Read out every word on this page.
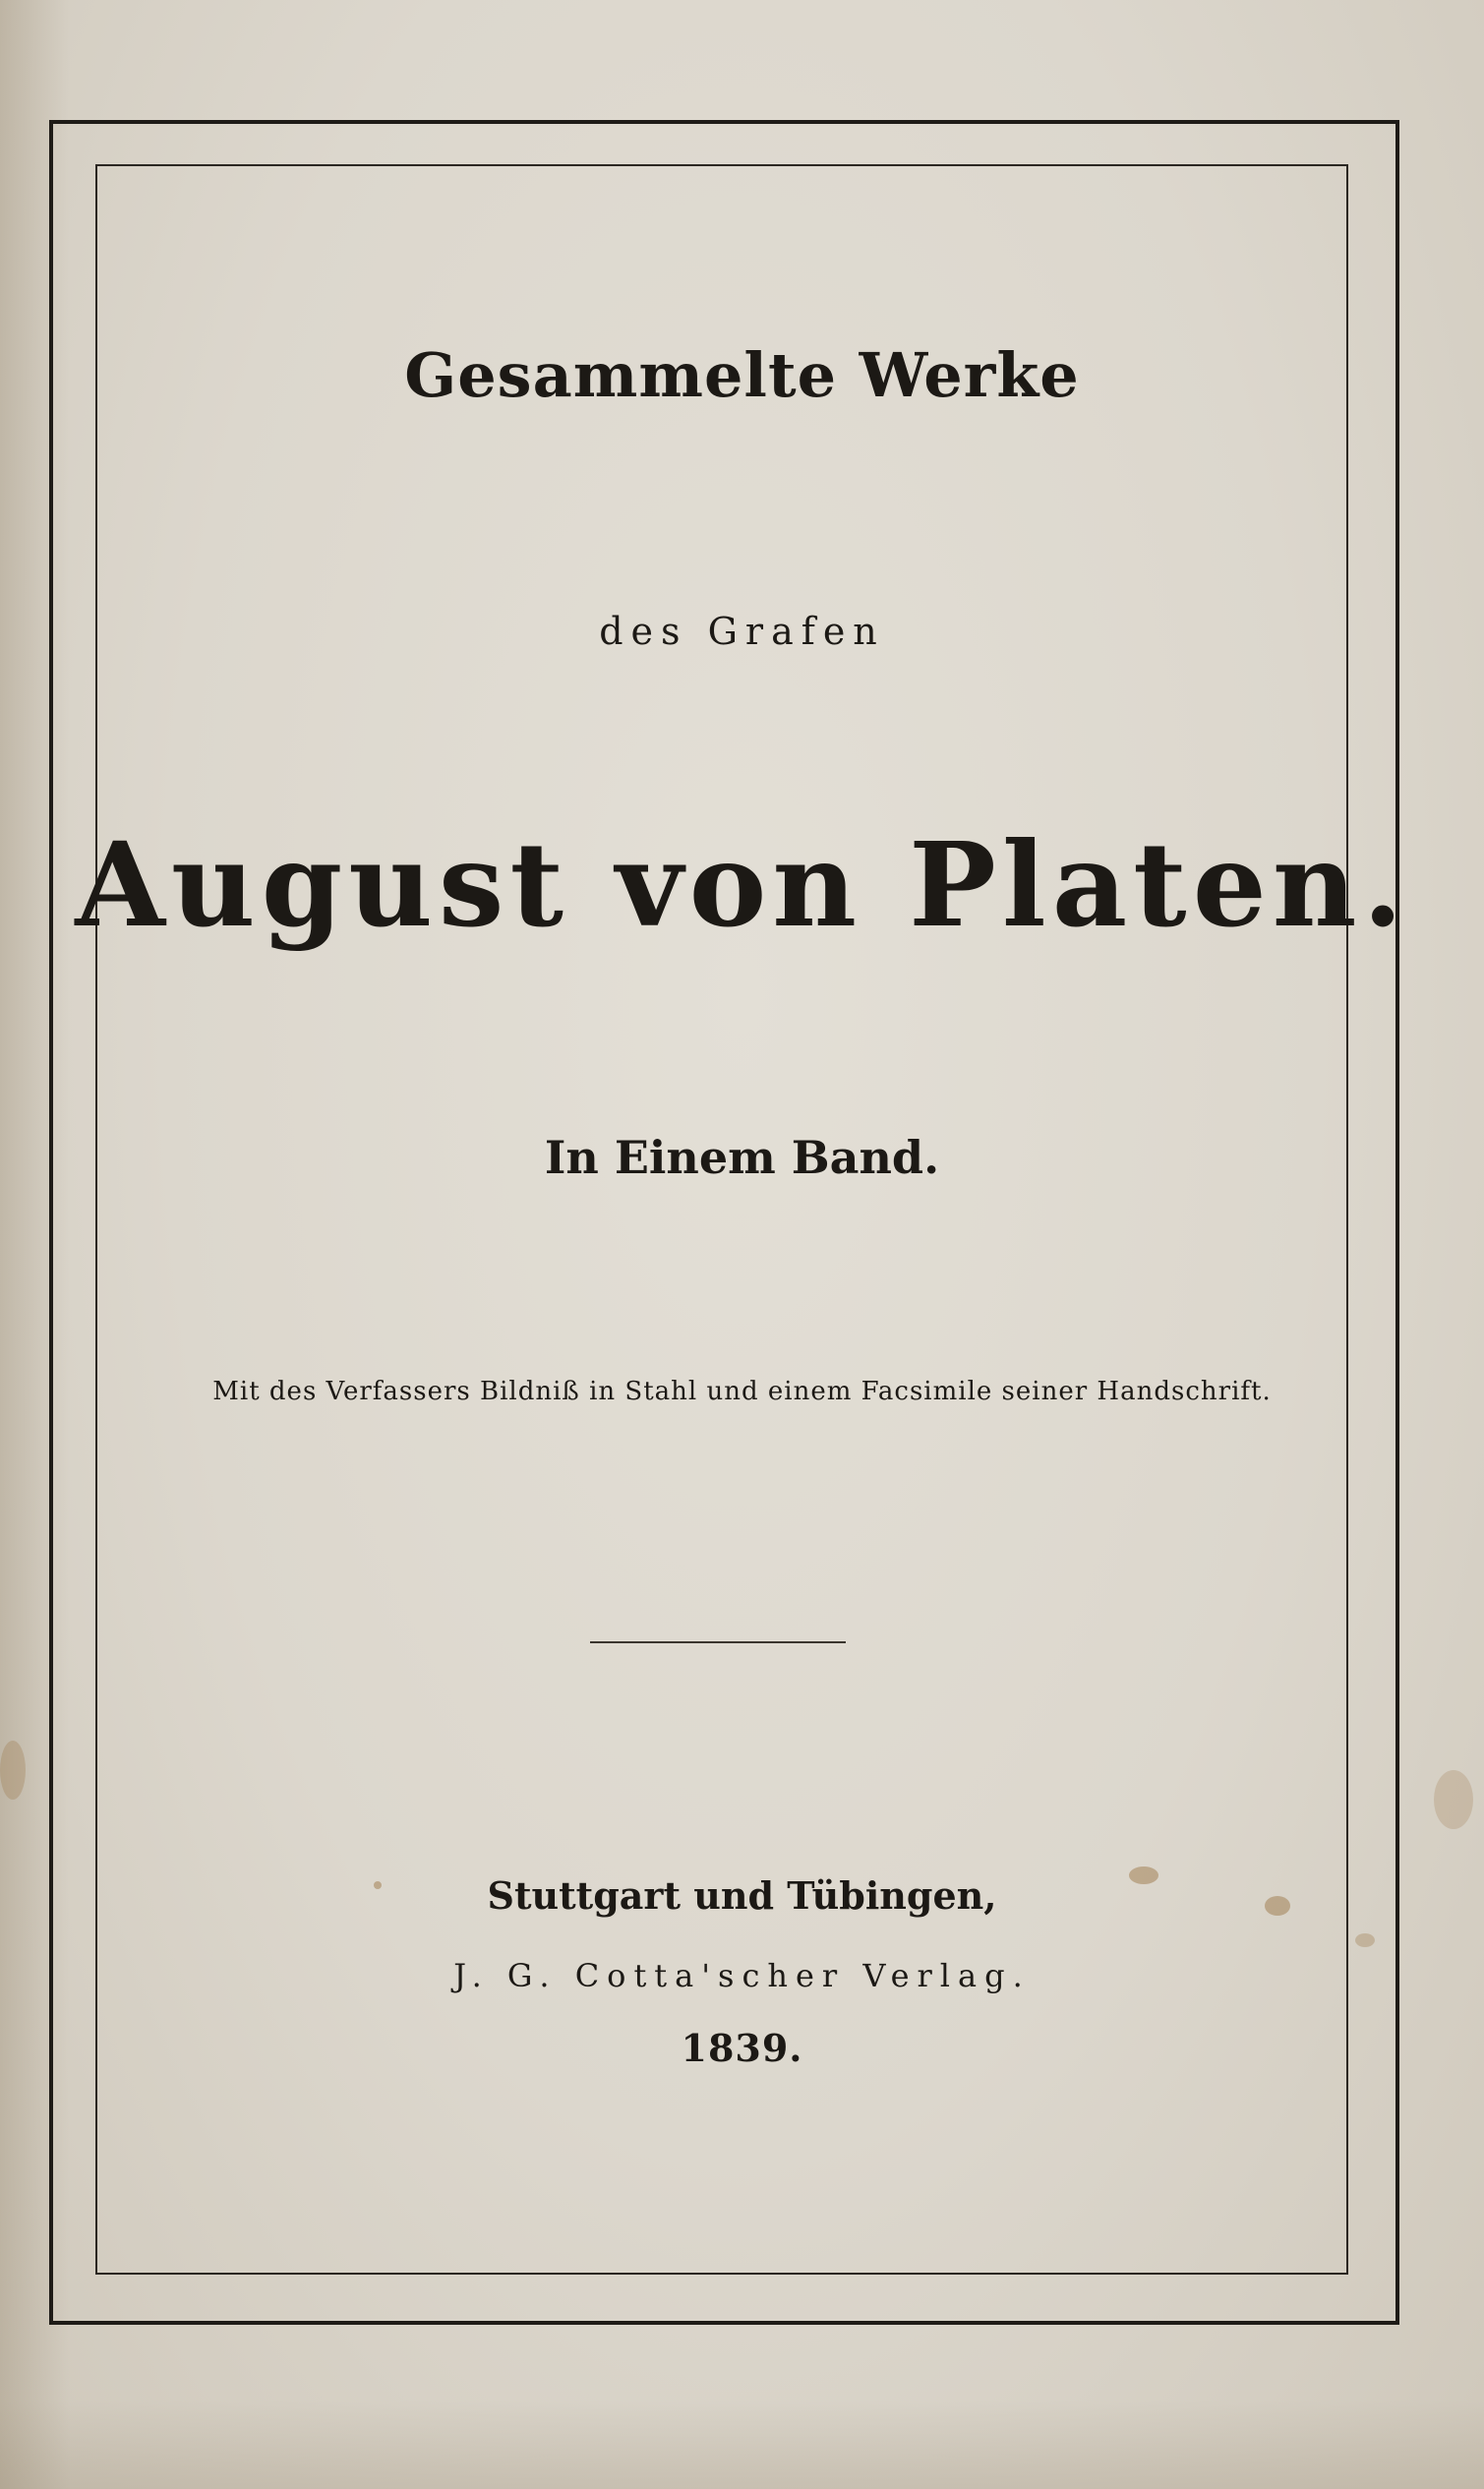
Gesammelte Werke

des Grafen

August von Platen.

In Einem Band.

Mit des Verfassers Bildniß in Stahl und einem Facsimile seiner Handschrift.

Stuttgart und Tübingen,

J. G. Cotta'scher Verlag.

1839.
